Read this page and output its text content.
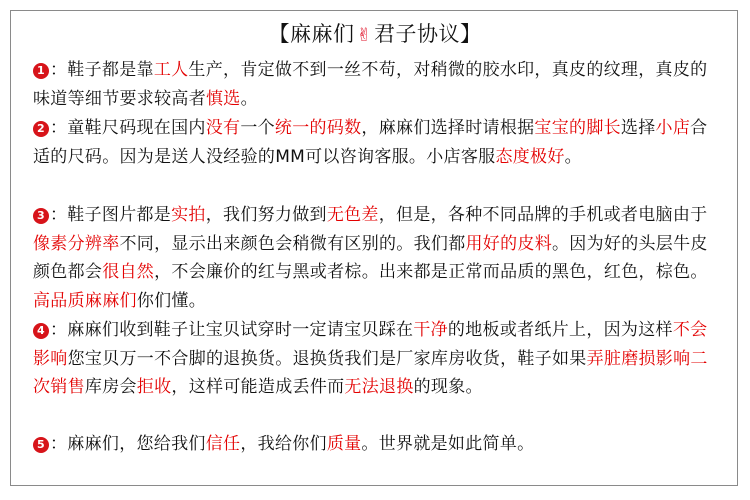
【麻麻们 ✌君子协议】
1 ：鞋子都是靠工人生产，肯定做不到一丝不苟，对稍微的胶水印，真皮的纹理，真皮的味道等细节要求较高者慎选。
2 ：童鞋尺码现在国内没有一个统一的码数，麻麻们选择时请根据宝宝的脚长选择小店合适的尺码。因为是送人没经验的MM可以咨询客服。小店客服态度极好。
3 ：鞋子图片都是实拍，我们努力做到无色差，但是，各种不同品牌的手机或者电脑由于像素分辨率不同，显示出来颜色会稍微有区别的。我们都用好的皮料。因为好的头层牛皮颜色都会很自然，不会廉价的红与黑或者棕。出来都是正常而品质的黑色，红色，棕色。高品质麻麻们你们懂。
4 ：麻麻们收到鞋子让宝贝试穿时一定请宝贝踩在干净的地板或者纸片上，因为这样不会影响您宝贝万一不合脚的退换货。退换货我们是厂家库房收货，鞋子如果弄脏磨损影响二次销售库房会拒收，这样可能造成丢件而无法退换的现象。
5 ：麻麻们，您给我们信任，我给你们质量。世界就是如此简单。
